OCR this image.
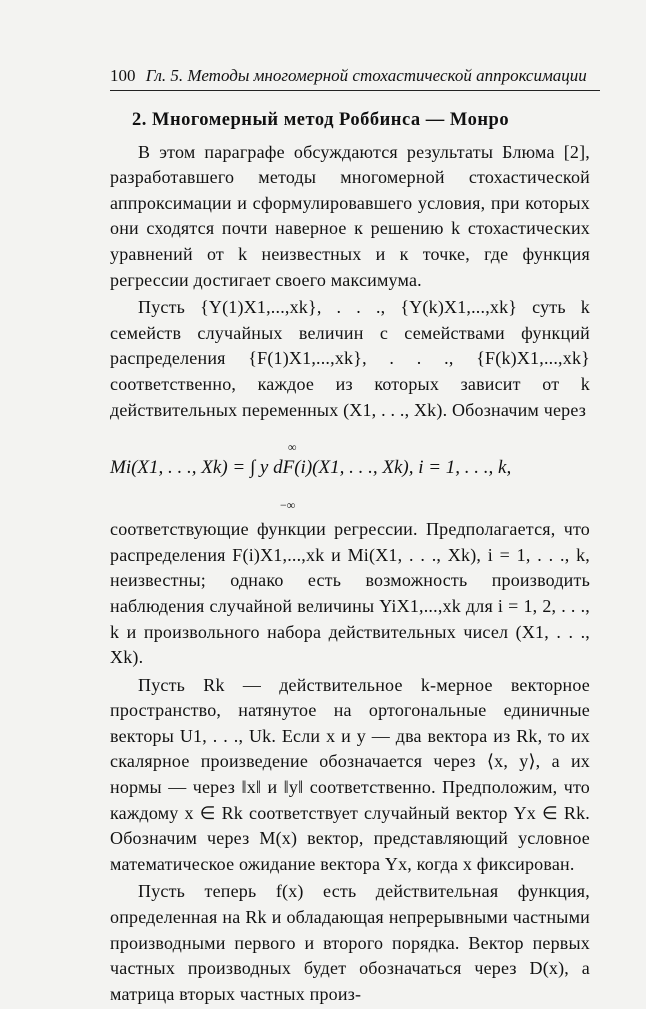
100 Гл. 5. Методы многомерной стохастической аппроксимации
2. Многомерный метод Роббинса — Монро

В этом параграфе обсуждаются результаты Блюма [2], разработавшего методы многомерной стохастической аппроксимации и сформулировавшего условия, при которых они сходятся почти наверное к решению k стохастических уравнений от k неизвестных и к точке, где функция регрессии достигает своего максимума.

Пусть {Y(1)X1,...,xk}, . . ., {Y(k)X1,...,xk} суть k семейств случайных величин с семействами функций распределения {F(1)X1,...,xk}, . . ., {F(k)X1,...,xk} соответственно, каждое из которых зависит от k действительных переменных (X1, . . ., Xk). Обозначим через

∞
Mi(X1, . . ., Xk) = ∫ y dF(i)(X1, . . ., Xk), i = 1, . . ., k,
−∞

соответствующие функции регрессии. Предполагается, что распределения F(i)X1,...,xk и Mi(X1, . . ., Xk), i = 1, . . ., k, неизвестны; однако есть возможность производить наблюдения случайной величины YiX1,...,xk для i = 1, 2, . . ., k и произвольного набора действительных чисел (X1, . . ., Xk).

Пусть Rk — действительное k-мерное векторное пространство, натянутое на ортогональные единичные векторы U1, . . ., Uk. Если x и y — два вектора из Rk, то их скалярное произведение обозначается через ⟨x, y⟩, а их нормы — через ‖x‖ и ‖y‖ соответственно. Предположим, что каждому x ∈ Rk соответствует случайный вектор Yx ∈ Rk. Обозначим через M(x) вектор, представляющий условное математическое ожидание вектора Yx, когда x фиксирован.

Пусть теперь f(x) есть действительная функция, определенная на Rk и обладающая непрерывными частными производными первого и второго порядка. Вектор первых частных производных будет обозначаться через D(x), а матрица вторых частных произ-
